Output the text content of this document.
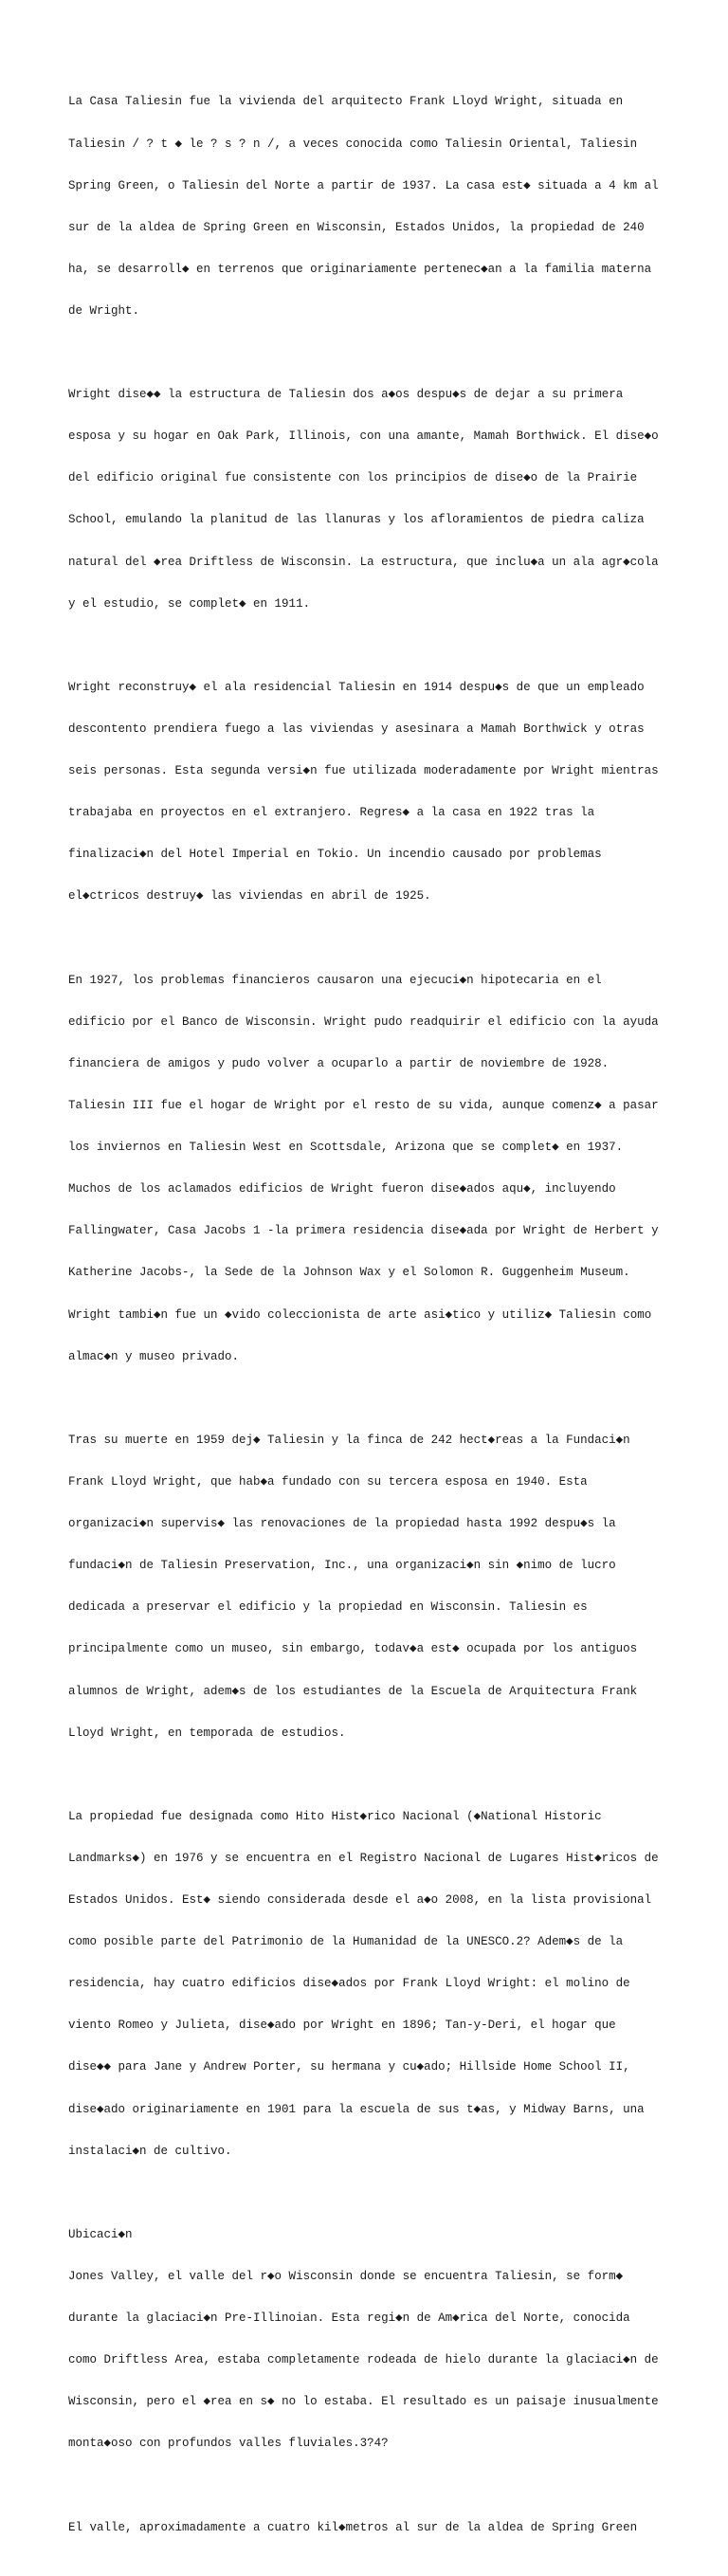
La Casa Taliesin fue la vivienda del arquitecto Frank Lloyd Wright, situada en

Taliesin / ? t ◆ le ? s ? n /, a veces conocida como Taliesin Oriental, Taliesin

Spring Green, o Taliesin del Norte a partir de 1937. La casa est◆ situada a 4 km al

sur de la aldea de Spring Green en Wisconsin, Estados Unidos, la propiedad de 240

ha, se desarroll◆ en terrenos que originariamente pertenec◆an a la familia materna

de Wright.

Wright dise◆◆ la estructura de Taliesin dos a◆os despu◆s de dejar a su primera

esposa y su hogar en Oak Park, Illinois, con una amante, Mamah Borthwick. El dise◆o

del edificio original fue consistente con los principios de dise◆o de la Prairie

School, emulando la planitud de las llanuras y los afloramientos de piedra caliza

natural del ◆rea Driftless de Wisconsin. La estructura, que inclu◆a un ala agr◆cola

y el estudio, se complet◆ en 1911.

Wright reconstruy◆ el ala residencial Taliesin en 1914 despu◆s de que un empleado

descontento prendiera fuego a las viviendas y asesinara a Mamah Borthwick y otras

seis personas. Esta segunda versi◆n fue utilizada moderadamente por Wright mientras

trabajaba en proyectos en el extranjero. Regres◆ a la casa en 1922 tras la

finalizaci◆n del Hotel Imperial en Tokio. Un incendio causado por problemas

el◆ctricos destruy◆ las viviendas en abril de 1925.

En 1927, los problemas financieros causaron una ejecuci◆n hipotecaria en el

edificio por el Banco de Wisconsin. Wright pudo readquirir el edificio con la ayuda

financiera de amigos y pudo volver a ocuparlo a partir de noviembre de 1928.

Taliesin III fue el hogar de Wright por el resto de su vida, aunque comenz◆ a pasar

los inviernos en Taliesin West en Scottsdale, Arizona que se complet◆ en 1937.

Muchos de los aclamados edificios de Wright fueron dise◆ados aqu◆, incluyendo

Fallingwater, Casa Jacobs 1 -la primera residencia dise◆ada por Wright de Herbert y

Katherine Jacobs-, la Sede de la Johnson Wax y el Solomon R. Guggenheim Museum.

Wright tambi◆n fue un ◆vido coleccionista de arte asi◆tico y utiliz◆ Taliesin como

almac◆n y museo privado.

Tras su muerte en 1959 dej◆ Taliesin y la finca de 242 hect◆reas a la Fundaci◆n

Frank Lloyd Wright, que hab◆a fundado con su tercera esposa en 1940. Esta

organizaci◆n supervis◆ las renovaciones de la propiedad hasta 1992 despu◆s la

fundaci◆n de Taliesin Preservation, Inc., una organizaci◆n sin ◆nimo de lucro

dedicada a preservar el edificio y la propiedad en Wisconsin. Taliesin es

principalmente como un museo, sin embargo, todav◆a est◆ ocupada por los antiguos

alumnos de Wright, adem◆s de los estudiantes de la Escuela de Arquitectura Frank

Lloyd Wright, en temporada de estudios.

La propiedad fue designada como Hito Hist◆rico Nacional (◆National Historic

Landmarks◆) en 1976 y se encuentra en el Registro Nacional de Lugares Hist◆ricos de

Estados Unidos. Est◆ siendo considerada desde el a◆o 2008, en la lista provisional

como posible parte del Patrimonio de la Humanidad de la UNESCO.2? Adem◆s de la

residencia, hay cuatro edificios dise◆ados por Frank Lloyd Wright: el molino de

viento Romeo y Julieta, dise◆ado por Wright en 1896; Tan-y-Deri, el hogar que

dise◆◆ para Jane y Andrew Porter, su hermana y cu◆ado; Hillside Home School II,

dise◆ado originariamente en 1901 para la escuela de sus t◆as, y Midway Barns, una

instalaci◆n de cultivo.

Ubicaci◆n

Jones Valley, el valle del r◆o Wisconsin donde se encuentra Taliesin, se form◆

durante la glaciaci◆n Pre-Illinoian. Esta regi◆n de Am◆rica del Norte, conocida

como Driftless Area, estaba completamente rodeada de hielo durante la glaciaci◆n de

Wisconsin, pero el ◆rea en s◆ no lo estaba. El resultado es un paisaje inusualmente

monta◆oso con profundos valles fluviales.3?4?

El valle, aproximadamente a cuatro kil◆metros al sur de la aldea de Spring Green
